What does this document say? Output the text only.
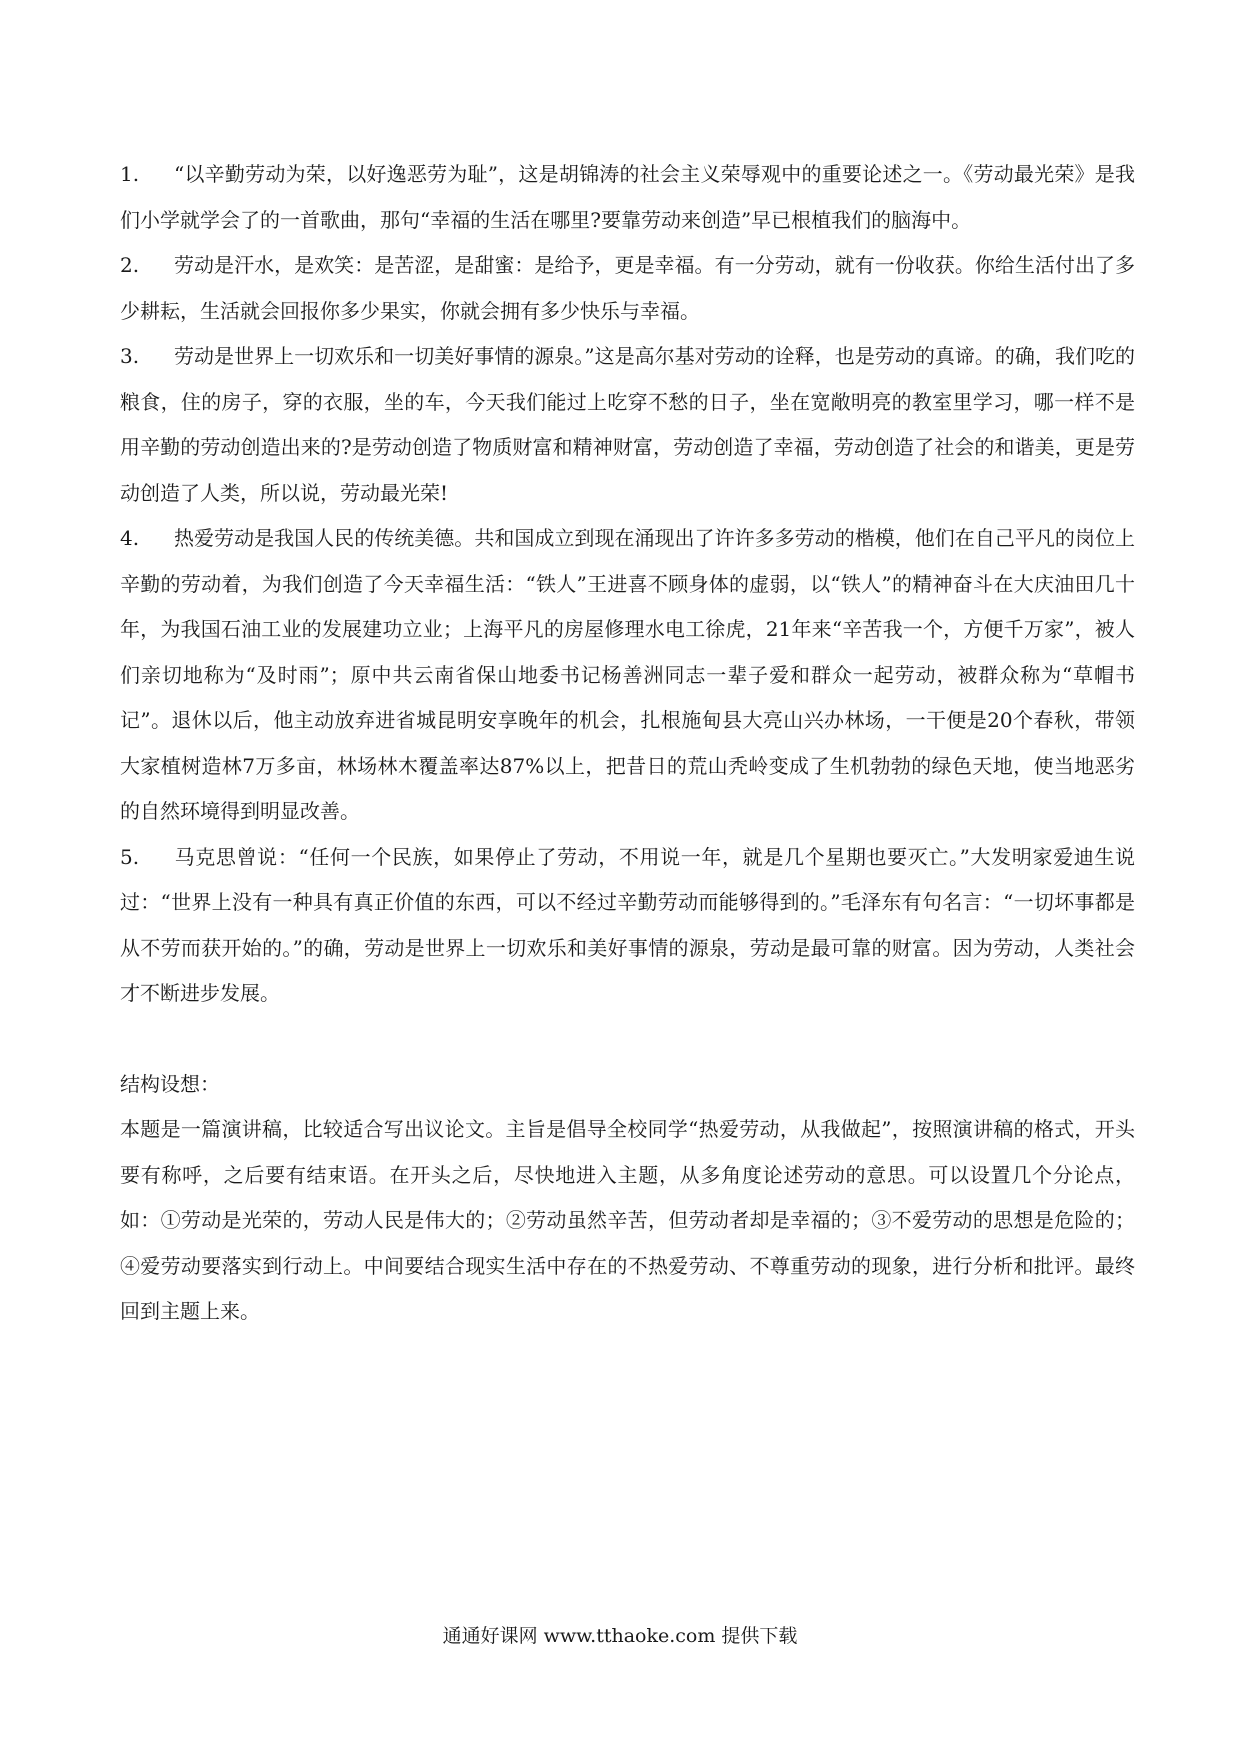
1. “以辛勤劳动为荣，以好逸恶劳为耻”，这是胡锦涛的社会主义荣辱观中的重要论述之一。《劳动最光荣》是我们小学就学会了的一首歌曲，那句“幸福的生活在哪里?要靠劳动来创造”早已根植我们的脑海中。

2. 劳动是汗水，是欢笑：是苦涩，是甜蜜：是给予，更是幸福。有一分劳动，就有一份收获。你给生活付出了多少耕耘，生活就会回报你多少果实，你就会拥有多少快乐与幸福。

3. 劳动是世界上一切欢乐和一切美好事情的源泉。”这是高尔基对劳动的诠释，也是劳动的真谛。的确，我们吃的粮食，住的房子，穿的衣服，坐的车，今天我们能过上吃穿不愁的日子，坐在宽敞明亮的教室里学习，哪一样不是用辛勤的劳动创造出来的?是劳动创造了物质财富和精神财富，劳动创造了幸福，劳动创造了社会的和谐美，更是劳动创造了人类，所以说，劳动最光荣!

4. 热爱劳动是我国人民的传统美德。共和国成立到现在涌现出了许许多多劳动的楷模，他们在自己平凡的岗位上辛勤的劳动着，为我们创造了今天幸福生活：“铁人”王进喜不顾身体的虚弱，以“铁人”的精神奋斗在大庆油田几十年，为我国石油工业的发展建功立业；上海平凡的房屋修理水电工徐虎，21年来“辛苦我一个，方便千万家”，被人们亲切地称为“及时雨”；原中共云南省保山地委书记杨善洲同志一辈子爱和群众一起劳动，被群众称为“草帽书记”。退休以后，他主动放弃进省城昆明安享晚年的机会，扎根施甸县大亮山兴办林场，一干便是20个春秋，带领大家植树造林7万多亩，林场林木覆盖率达87%以上，把昔日的荒山秃岭变成了生机勃勃的绿色天地，使当地恶劣的自然环境得到明显改善。

5. 马克思曾说：“任何一个民族，如果停止了劳动，不用说一年，就是几个星期也要灭亡。”大发明家爱迪生说过：“世界上没有一种具有真正价值的东西，可以不经过辛勤劳动而能够得到的。”毛泽东有句名言：“一切坏事都是从不劳而获开始的。”的确，劳动是世界上一切欢乐和美好事情的源泉，劳动是最可靠的财富。因为劳动，人类社会才不断进步发展。

结构设想：

本题是一篇演讲稿，比较适合写出议论文。主旨是倡导全校同学“热爱劳动，从我做起”，按照演讲稿的格式，开头要有称呼，之后要有结束语。在开头之后，尽快地进入主题，从多角度论述劳动的意思。可以设置几个分论点，如：①劳动是光荣的，劳动人民是伟大的；②劳动虽然辛苦，但劳动者却是幸福的；③不爱劳动的思想是危险的；④爱劳动要落实到行动上。中间要结合现实生活中存在的不热爱劳动、不尊重劳动的现象，进行分析和批评。最终回到主题上来。

通通好课网 www.tthaoke.com 提供下载
